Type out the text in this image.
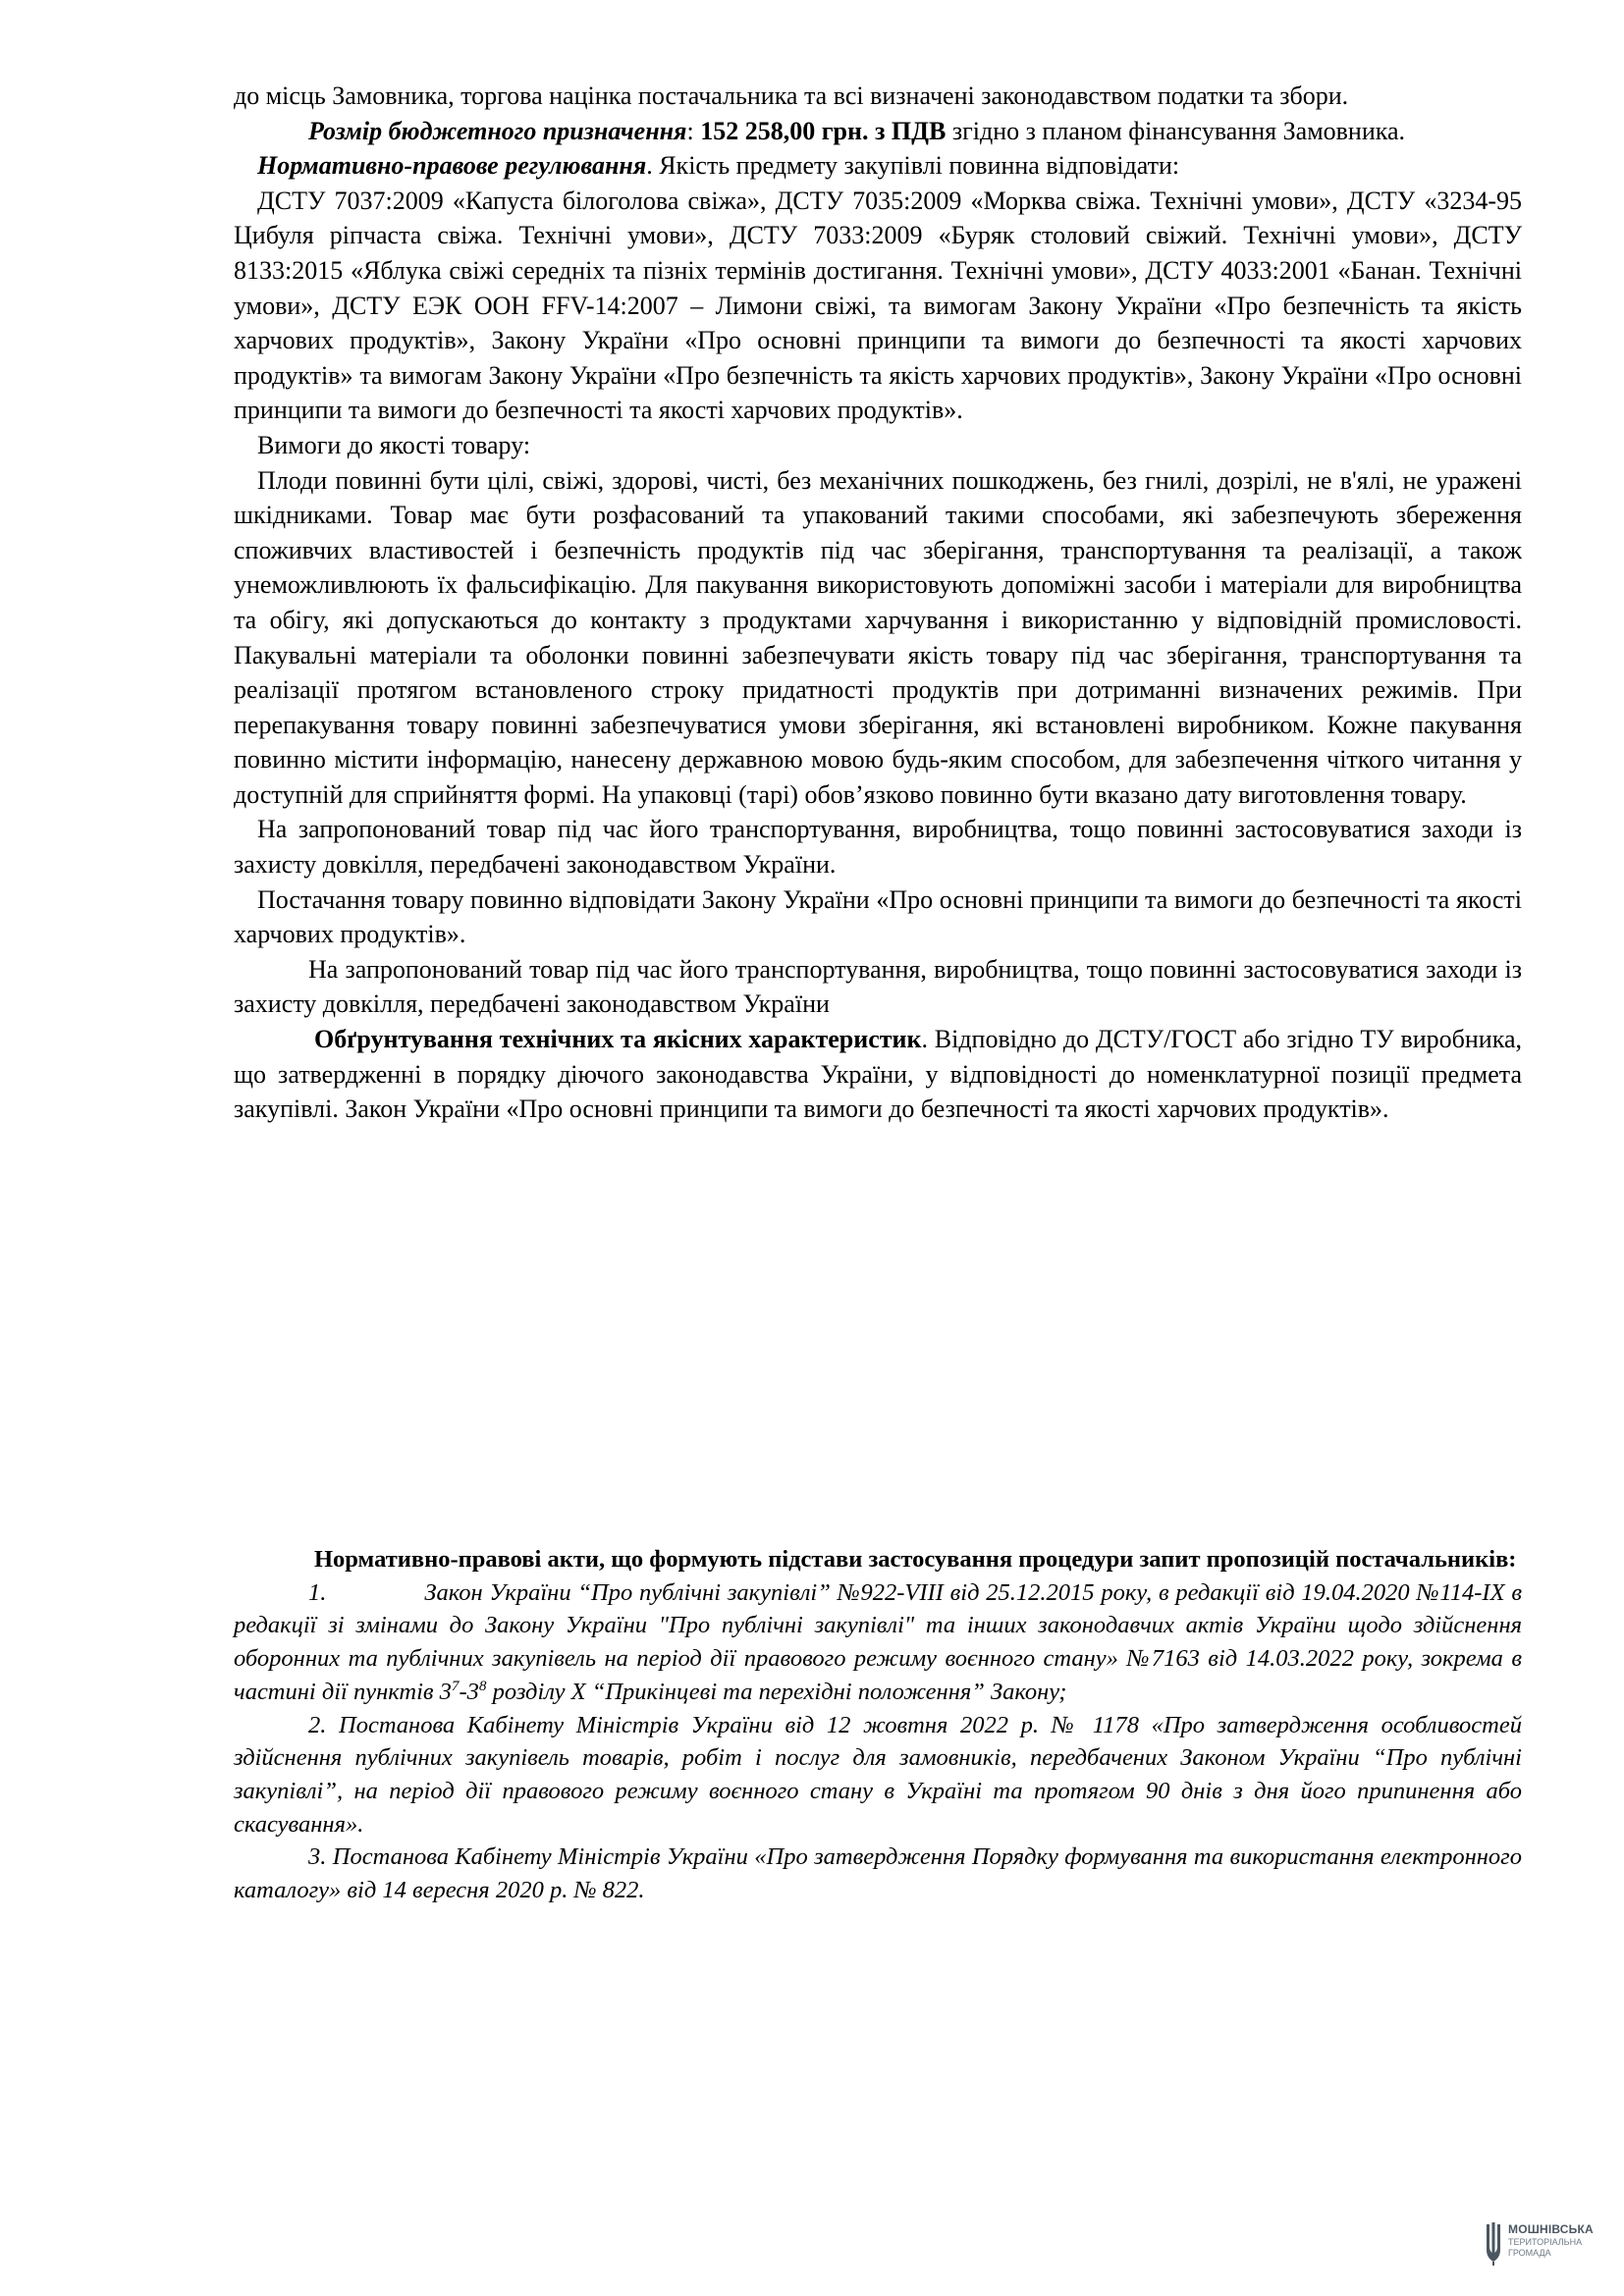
до місць Замовника, торгова націнка постачальника та всі визначені законодавством податки та збори.

Розмір бюджетного призначення: 152 258,00 грн. з ПДВ згідно з планом фінансування Замовника.

Нормативно-правове регулювання. Якість предмету закупівлі повинна відповідати:

ДСТУ 7037:2009 «Капуста білоголова свіжа», ДСТУ 7035:2009 «Морква свіжа. Технічні умови», ДСТУ «3234-95 Цибуля ріпчаста свіжа. Технічні умови», ДСТУ 7033:2009 «Буряк столовий свіжий. Технічні умови», ДСТУ 8133:2015 «Яблука свіжі середніх та пізніх термінів достигання. Технічні умови», ДСТУ 4033:2001 «Банан. Технічні умови», ДСТУ ЕЭК ООН FFV-14:2007 – Лимони свіжі, та вимогам Закону України «Про безпечність та якість харчових продуктів», Закону України «Про основні принципи та вимоги до безпечності та якості харчових продуктів» та вимогам Закону України «Про безпечність та якість харчових продуктів», Закону України «Про основні принципи та вимоги до безпечності та якості харчових продуктів».

Вимоги до якості товару:

Плоди повинні бути цілі, свіжі, здорові, чисті, без механічних пошкоджень, без гнилі, дозрілі, не в'ялі, не уражені шкідниками. Товар має бути розфасований та упакований такими способами, які забезпечують збереження споживчих властивостей і безпечність продуктів під час зберігання, транспортування та реалізації, а також унеможливлюють їх фальсифікацію. Для пакування використовують допоміжні засоби і матеріали для виробництва та обігу, які допускаються до контакту з продуктами харчування і використанню у відповідній промисловості. Пакувальні матеріали та оболонки повинні забезпечувати якість товару під час зберігання, транспортування та реалізації протягом встановленого строку придатності продуктів при дотриманні визначених режимів. При перепакування товару повинні забезпечуватися умови зберігання, які встановлені виробником. Кожне пакування повинно містити інформацію, нанесену державною мовою будь-яким способом, для забезпечення чіткого читання у доступній для сприйняття формі. На упаковці (тарі) обов’язково повинно бути вказано дату виготовлення товару.

На запропонований товар під час його транспортування, виробництва, тощо повинні застосовуватися заходи із захисту довкілля, передбачені законодавством України.

Постачання товару повинно відповідати Закону України «Про основні принципи та вимоги до безпечності та якості харчових продуктів».

На запропонований товар під час його транспортування, виробництва, тощо повинні застосовуватися заходи із захисту довкілля, передбачені законодавством України

Обґрунтування технічних та якісних характеристик. Відповідно до ДСТУ/ГОСТ або згідно ТУ виробника, що затвердженні в порядку діючого законодавства України, у відповідності до номенклатурної позиції предмета закупівлі. Закон України «Про основні принципи та вимоги до безпечності та якості харчових продуктів».

Нормативно-правові акти, що формують підстави застосування процедури запит пропозицій постачальників:

1.	Закон України “Про публічні закупівлі” №922-VIII від 25.12.2015 року, в редакції від 19.04.2020 №114-IX в редакції зі змінами до Закону України "Про публічні закупівлі" та інших законодавчих актів України щодо здійснення оборонних та публічних закупівель на період дії правового режиму воєнного стану» №7163 від 14.03.2022 року, зокрема в частині дії пунктів $3^7-3^8$ розділу X “Прикінцеві та перехідні положення” Закону;

2. Постанова Кабінету Міністрів України від 12 жовтня 2022 р. № 1178 «Про затвердження особливостей здійснення публічних закупівель товарів, робіт і послуг для замовників, передбачених Законом України “Про публічні закупівлі”, на період дії правового режиму воєнного стану в Україні та протягом 90 днів з дня його припинення або скасування».

3. Постанова Кабінету Міністрів України «Про затвердження Порядку формування та використання електронного каталогу» від 14 вересня 2020 р. № 822.

МОШНІВСЬКА
ТЕРИТОРІАЛЬНА
ГРОМАДА
